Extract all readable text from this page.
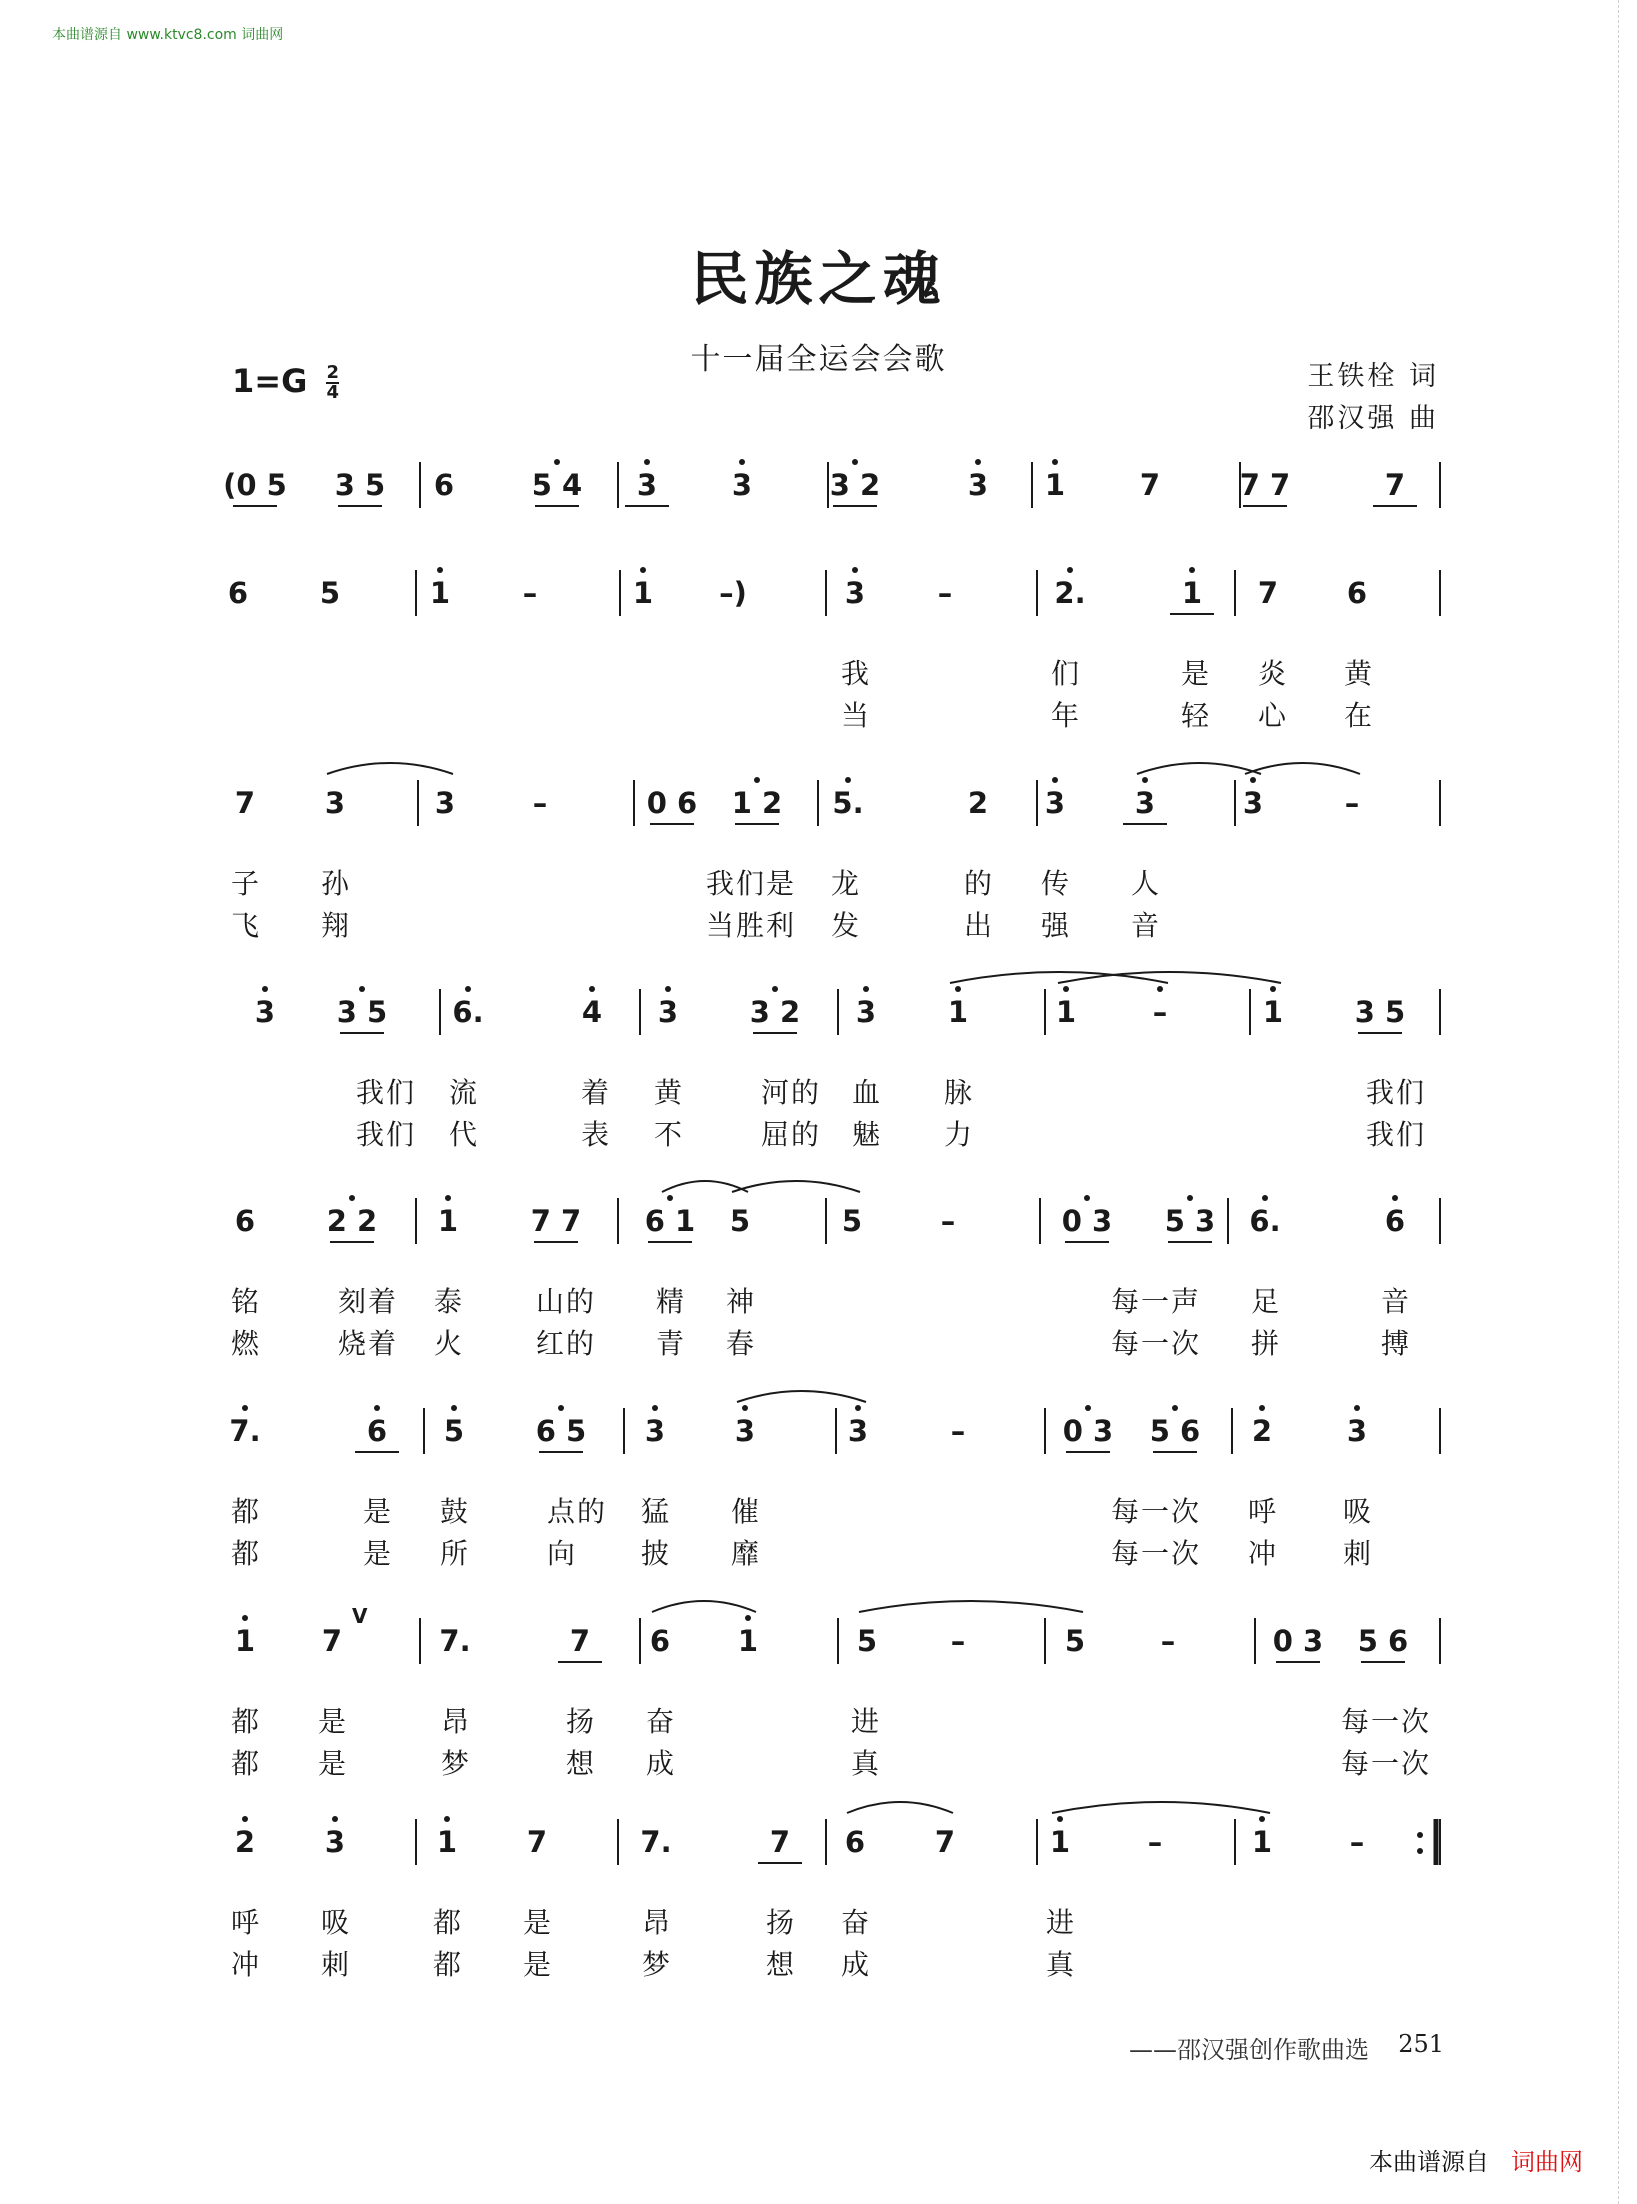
本曲谱源自 www.ktvc8.com 词曲网
民族之魂
十一届全运会会歌
$1=G \frac{2}{4}$	王铁栓 词
邵汉强 曲
(0 5	3 5	6	5 4	3	3	3 2	3	1	7	7 7	7
6	5	1	–	1	–)	3	–	2.	1	7	6
我	们	是 炎 黄
当	年	轻 心 在
7	3	3	–	0 6	1 2	5.	2	3	3	3	–
子 孙	我们是 龙	的 传 人
飞 翔	当胜利 发	出 强 音
3	3 5	6.	4	3	3 2	3	1	1	–	1	3 5
我们 流	着 黄	河的 血 脉	我们
我们 代	表 不	屈的 魅 力	我们
6	2 2	1	7 7	6 1	5	5	–	0 3	5 3	6.	6
铭	刻着 泰	山的 精 神	每一声 足	音
燃	烧着 火	红的 青 春	每一次 拼	搏
7.	6	5	6 5	3	3	3	–	0 3	5 6	2	3
都	是 鼓	点的 猛 催	每一次 呼 吸
都	是 所	向 披 靡	每一次 冲 刺
1	7	7.	7	6	1	5	–	5	–	0 3	5 6
V
都 是	昂	扬 奋	进	每一次
都 是	梦	想 成	真	每一次
2	3	1	7	7.	7	6	7	1	–	1	–
呼 吸	都 是	昂	扬 奋	进
冲 刺	都 是	梦	想 成	真
——邵汉强创作歌曲选 251
本曲谱源自 词曲网
